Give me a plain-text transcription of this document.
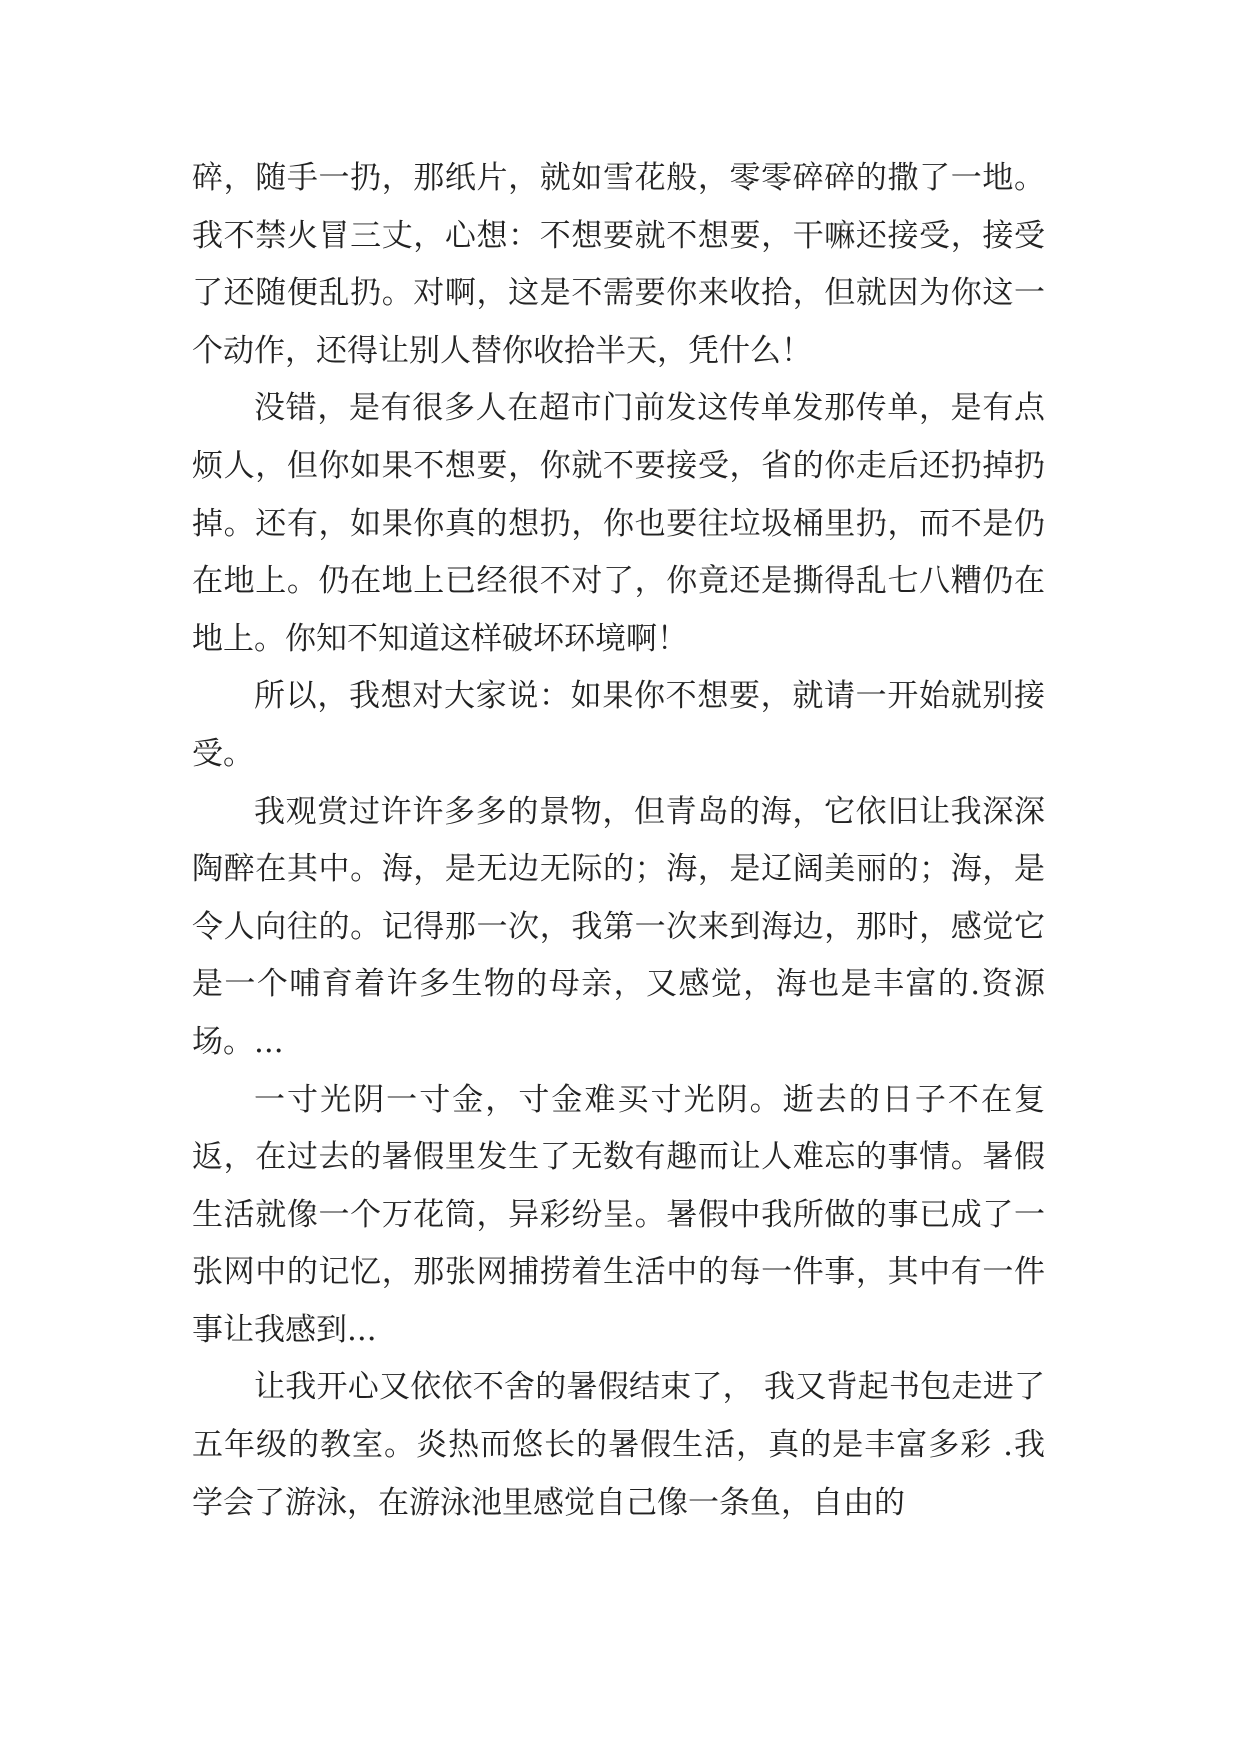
碎，随手一扔，那纸片，就如雪花般，零零碎碎的撒了一地。我不禁火冒三丈，心想：不想要就不想要，干嘛还接受，接受了还随便乱扔。对啊，这是不需要你来收拾，但就因为你这一个动作，还得让别人替你收拾半天，凭什么！

没错，是有很多人在超市门前发这传单发那传单，是有点烦人，但你如果不想要，你就不要接受，省的你走后还扔掉扔掉。还有，如果你真的想扔，你也要往垃圾桶里扔，而不是仍在地上。仍在地上已经很不对了，你竟还是撕得乱七八糟仍在地上。你知不知道这样破坏环境啊！

所以，我想对大家说：如果你不想要，就请一开始就别接受。

我观赏过许许多多的景物，但青岛的海，它依旧让我深深陶醉在其中。海，是无边无际的；海，是辽阔美丽的；海，是令人向往的。记得那一次，我第一次来到海边，那时，感觉它是一个哺育着许多生物的母亲，又感觉，海也是丰富的.资源场。...

一寸光阴一寸金，寸金难买寸光阴。逝去的日子不在复返，在过去的暑假里发生了无数有趣而让人难忘的事情。暑假生活就像一个万花筒，异彩纷呈。暑假中我所做的事已成了一张网中的记忆，那张网捕捞着生活中的每一件事，其中有一件事让我感到...

让我开心又依依不舍的暑假结束了， 我又背起书包走进了五年级的教室。炎热而悠长的暑假生活，真的是丰富多彩 .我学会了游泳，在游泳池里感觉自己像一条鱼，自由的
